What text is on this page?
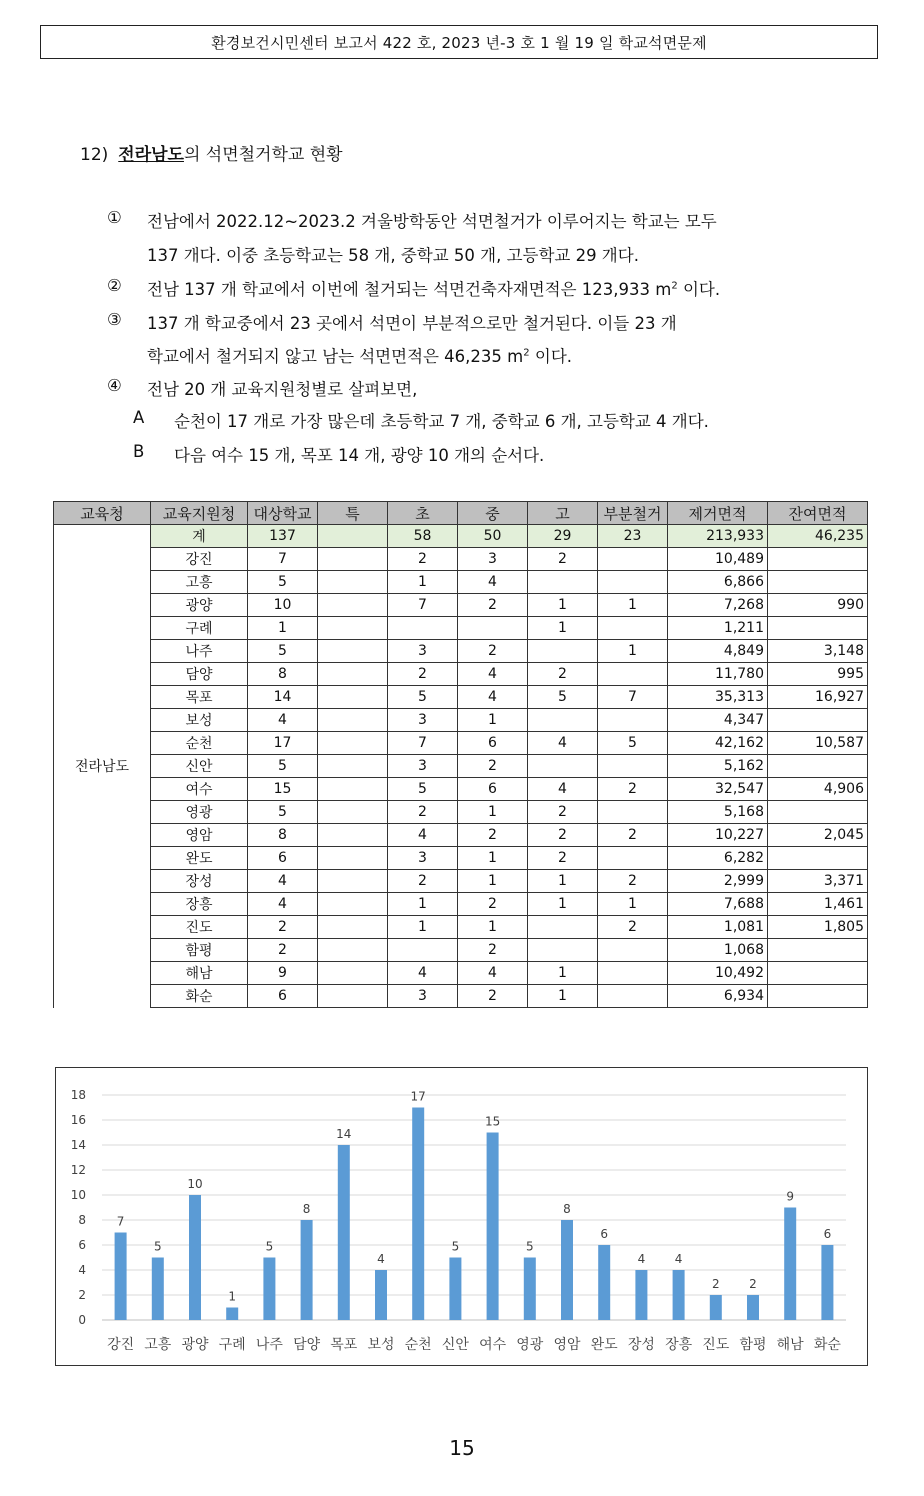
환경보건시민센터 보고서 422 호, 2023 년-3 호 1 월 19 일 학교석면문제
12) 전라남도의 석면철거학교 현황
① 전남에서 2022.12~2023.2 겨울방학동안 석면철거가 이루어지는 학교는 모두
137 개다. 이중 초등학교는 58 개, 중학교 50 개, 고등학교 29 개다.
② 전남 137 개 학교에서 이번에 철거되는 석면건축자재면적은 123,933 $m^2$ 이다.
③ 137 개 학교중에서 23 곳에서 석면이 부분적으로만 철거된다. 이들 23 개
학교에서 철거되지 않고 남는 석면면적은 46,235 $m^2$ 이다.
④ 전남 20 개 교육지원청별로 살펴보면,
A 순천이 17 개로 가장 많은데 초등학교 7 개, 중학교 6 개, 고등학교 4 개다.
B 다음 여수 15 개, 목포 14 개, 광양 10 개의 순서다.
교육청	교육지원청	대상학교	특	초	중	고	부분철거	제거면적	잔여면적
전라남도	계	137		58	50	29	23	213,933	46,235
	강진	7		2	3	2		10,489	
	고흥	5		1	4			6,866	
	광양	10		7	2	1	1	7,268	990
	구례	1				1		1,211	
	나주	5		3	2		1	4,849	3,148
	담양	8		2	4	2		11,780	995
	목포	14		5	4	5	7	35,313	16,927
	보성	4		3	1			4,347	
	순천	17		7	6	4	5	42,162	10,587
	신안	5		3	2			5,162	
	여수	15		5	6	4	2	32,547	4,906
	영광	5		2	1	2		5,168	
	영암	8		4	2	2	2	10,227	2,045
	완도	6		3	1	2		6,282	
	장성	4		2	1	1	2	2,999	3,371
	장흥	4		1	2	1	1	7,688	1,461
	진도	2		1	1		2	1,081	1,805
	함평	2			2			1,068	
	해남	9		4	4	1		10,492	
	화순	6		3	2	1		6,934	
0
2
4
6
8
10
12
14
16
18
7
강진
5
고흥
10
광양
1
구례
5
나주
8
담양
14
목포
4
보성
17
순천
5
신안
15
여수
5
영광
8
영암
6
완도
4
장성
4
장흥
2
진도
2
함평
9
해남
6
화순
15
